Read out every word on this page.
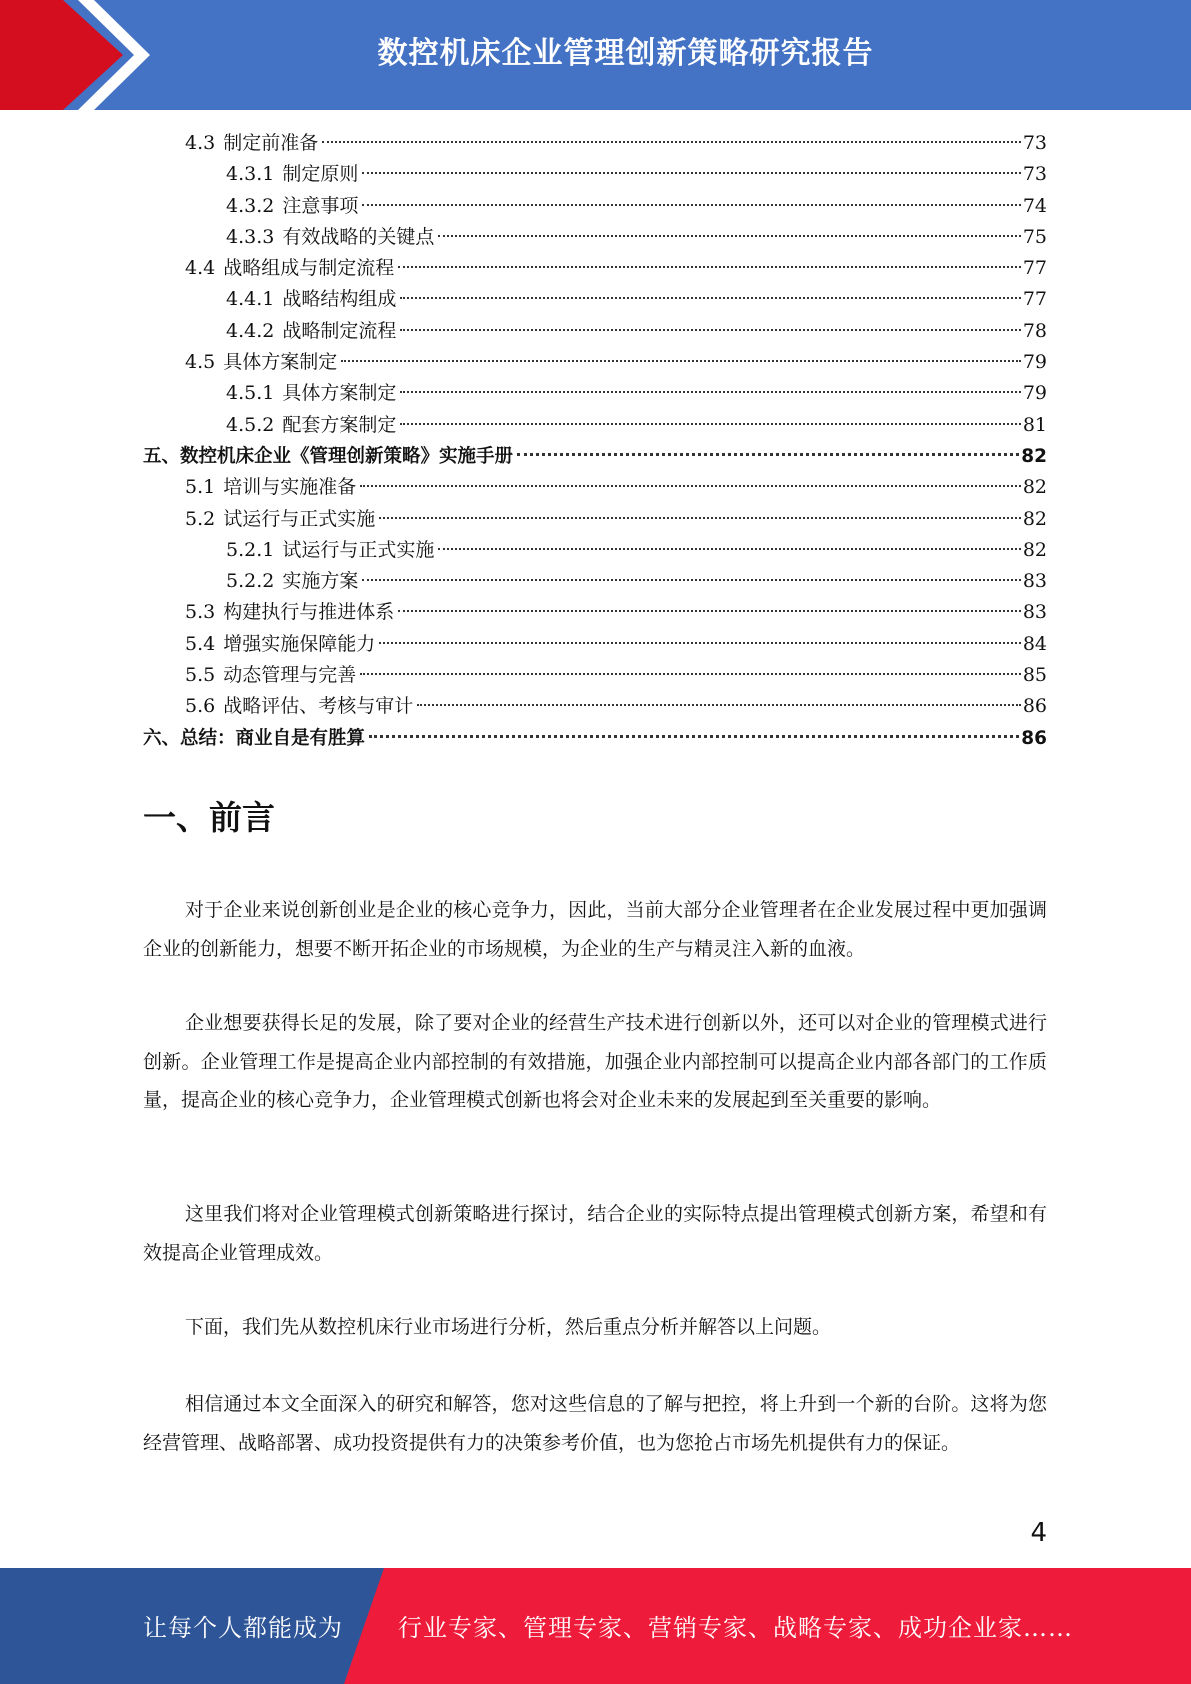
数控机床企业管理创新策略研究报告
4.3 制定前准备	73
4.3.1 制定原则	73
4.3.2 注意事项	74
4.3.3 有效战略的关键点	75
4.4 战略组成与制定流程	77
4.4.1 战略结构组成	77
4.4.2 战略制定流程	78
4.5 具体方案制定	79
4.5.1 具体方案制定	79
4.5.2 配套方案制定	81
五、数控机床企业《管理创新策略》实施手册	82
5.1 培训与实施准备	82
5.2 试运行与正式实施	82
5.2.1 试运行与正式实施	82
5.2.2 实施方案	83
5.3 构建执行与推进体系	83
5.4 增强实施保障能力	84
5.5 动态管理与完善	85
5.6 战略评估、考核与审计	86
六、总结：商业自是有胜算	86
一、前言

对于企业来说创新创业是企业的核心竞争力，因此，当前大部分企业管理者在企业发展过程中更加强调企业的创新能力，想要不断开拓企业的市场规模，为企业的生产与精灵注入新的血液。

企业想要获得长足的发展，除了要对企业的经营生产技术进行创新以外，还可以对企业的管理模式进行创新。企业管理工作是提高企业内部控制的有效措施，加强企业内部控制可以提高企业内部各部门的工作质量，提高企业的核心竞争力，企业管理模式创新也将会对企业未来的发展起到至关重要的影响。

这里我们将对企业管理模式创新策略进行探讨，结合企业的实际特点提出管理模式创新方案，希望和有效提高企业管理成效。

下面，我们先从数控机床行业市场进行分析，然后重点分析并解答以上问题。

相信通过本文全面深入的研究和解答，您对这些信息的了解与把控，将上升到一个新的台阶。这将为您经营管理、战略部署、成功投资提供有力的决策参考价值，也为您抢占市场先机提供有力的保证。

4
让每个人都能成为 行业专家、管理专家、营销专家、战略专家、成功企业家……
